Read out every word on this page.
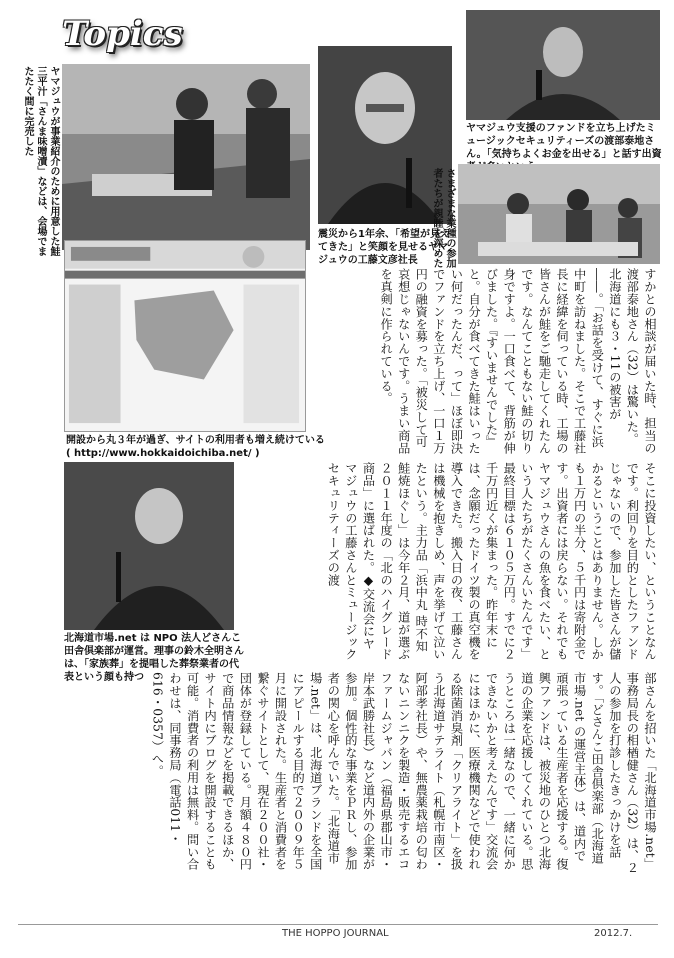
Topics
ヤマジュウが事業紹介のために用意した鮭三平汁「さんま味噌漬」などは、会場でまたたく間に完売した
震災から1年余、「希望が見えてきた」と笑顔を見せるヤマジュウの工藤文彦社長
ヤマジュウ支援のファンドを立ち上げたミュージックセキュリティーズの渡部泰地さん。「気持ちよくお金を出せる」と話す出資
さまざまな業種の参加者たちが親睦を深めた
開設から丸３年が過ぎ、サイトの利用者も増え続けている
( http://www.hokkaidoichiba.net/ )
北海道市場.net は NPO 法人どさんこ田舎倶楽部が運営。理事の鈴木全明さんは、「家族葬」を提唱した葬祭業者の代表という顔も持つ
すかとの相談が届いた時、担当の渡部泰地さん（32）は驚いた。北海道にも３・11の被害が――。「お話を受けて、すぐに浜中町を訪ねました。そこで工藤社長に経緯を伺っている時、工場の皆さんが鮭をご馳走してくれたんです。なんてこともない鮭の切り身ですよ。一口食べて、背筋が伸びました。『すいませんでした』と。自分が食べてきた鮭はいったい何だったんだ、って」ほぼ即決でファンドを立ち上げ、一口１万円の融資を募った。「被災して可哀想じゃないんです。うまい商品を真剣に作られている。
そこに投資したい、ということなんです。利回りを目的としたファンドじゃないので、参加した皆さんが儲かるということはありません。しかも１万円の半分、５千円は寄附金です。出資者には戻らない。それでもヤマジュウさんの魚を食べたい、という人たちがたくさんいたんです」最終目標は６１０５万円。すでに２千万円近くが集まった。昨年末には、念願だったドイツ製の真空機を導入できた。搬入日の夜、工藤さんは機械を抱きしめ、声を挙げて泣いたという。主力品「浜中丸 時不知鮭焼ほぐし」は今年２月、道が選ぶ２０１１年度の「北のハイグレード商品」に選ばれた。◆交流会にヤマジュウの工藤さんとミュージックセキュリティーズの渡
部さんを招いた「北海道市場.net」事務局長の相楢健さん（32）は、２人の参加を打診したきっかけを話す。「どさんこ田舎倶楽部（北海道市場.net の運営主体）は、道内で頑張っている生産者を応援する。復興ファンドは、被災地のひとつ北海道の企業を応援してくれている。思うところは一緒なので、一緒に何かできないかと考えたんです」交流会にはほかに、医療機関などで使われる除菌消臭剤「クリアライト」を扱う北海道サテライト（札幌市南区・阿部孝社長）や、無農薬栽培の匂わないニンニクを製造・販売するエコファームジャパン（福島県郡山市・岸本武勝社長）など道内外の企業が参加。個性的な事業をＰＲし、参加者の関心を呼んでいた。「北海道市場.net」は、北海道ブランドを全国にアピールする目的で２００９年５月に開設された。生産者と消費者を繋ぐサイトとして、現在２００社・団体が登録している。月額４８０円で商品情報などを掲載できるほか、サイト内にブログを開設することも可能。消費者の利用は無料。問い合わせは、同事務局（電話011・616・0357）へ。
THE HOPPO JOURNAL	2012.7.
